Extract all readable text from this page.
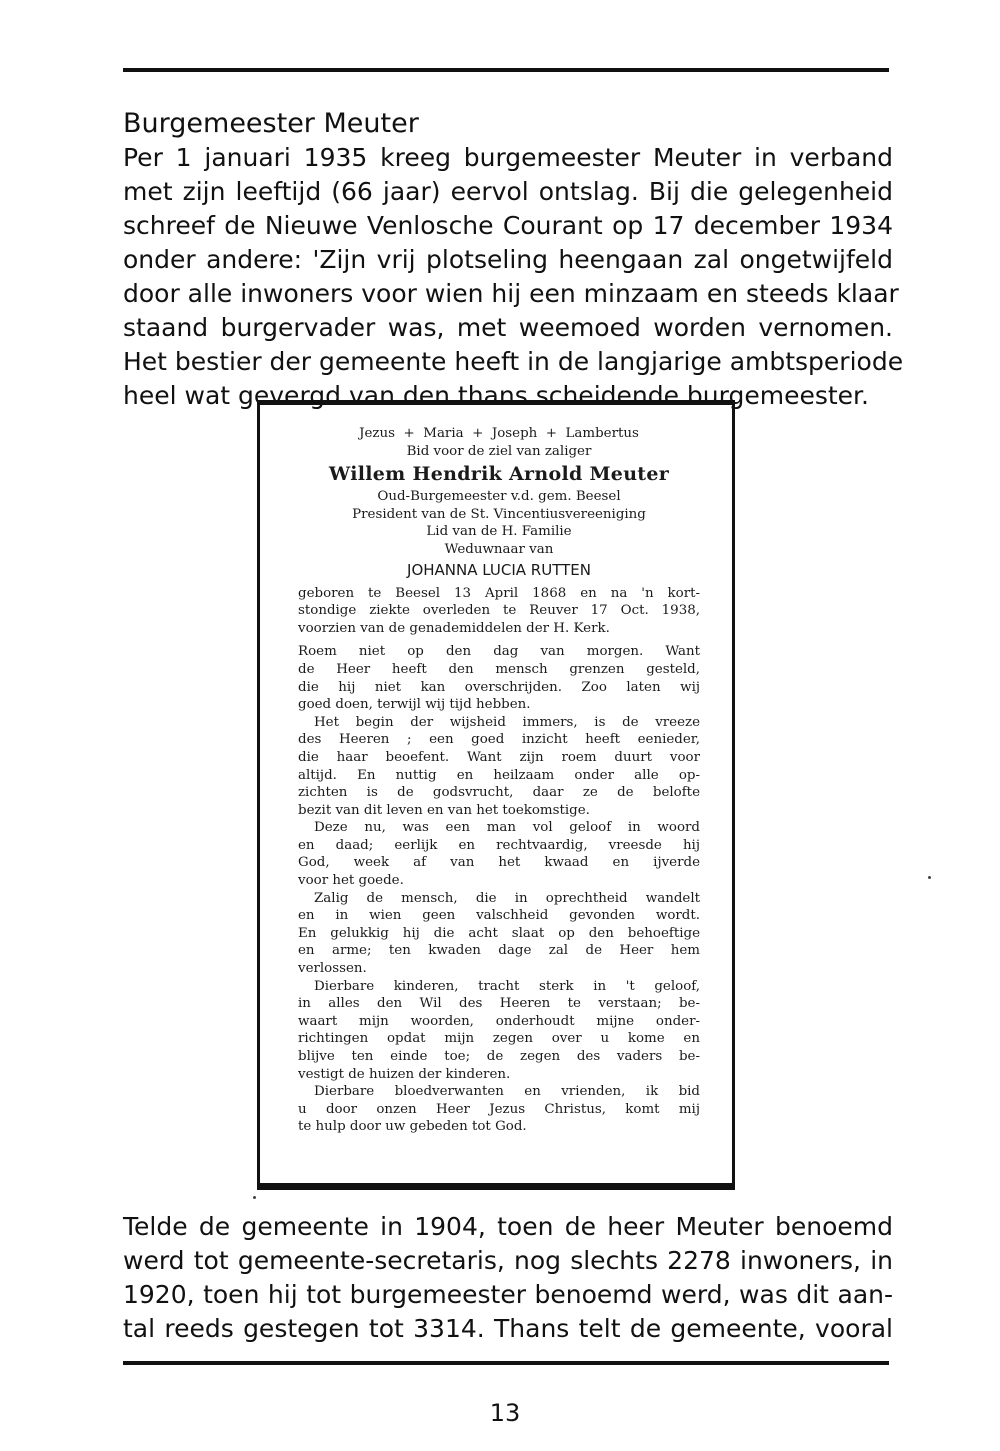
Burgemeester Meuter
Per 1 januari 1935 kreeg burgemeester Meuter in verband
met zijn leeftijd (66 jaar) eervol ontslag. Bij die gelegenheid
schreef de Nieuwe Venlosche Courant op 17 december 1934
onder andere: 'Zijn vrij plotseling heengaan zal ongetwijfeld
door alle inwoners voor wien hij een minzaam en steeds klaar
staand burgervader was, met weemoed worden vernomen.
Het bestier der gemeente heeft in de langjarige ambtsperiode
heel wat gevergd van den thans scheidende burgemeester.
Jezus  +  Maria  +  Joseph  +  Lambertus
Bid voor de ziel van zaliger
Willem Hendrik Arnold Meuter
Oud-Burgemeester v.d. gem. Beesel
President van de St. Vincentiusvereeniging
Lid van de H. Familie
Weduwnaar van
JOHANNA LUCIA RUTTEN
geboren te Beesel 13 April 1868 en na 'n kort-
stondige ziekte overleden te Reuver 17 Oct. 1938,
voorzien van de genademiddelen der H. Kerk.
Roem niet op den dag van morgen. Want
de Heer heeft den mensch grenzen gesteld,
die hij niet kan overschrijden. Zoo laten wij
goed doen, terwijl wij tijd hebben.
Het begin der wijsheid immers, is de vreeze
des Heeren ; een goed inzicht heeft eenieder,
die haar beoefent. Want zijn roem duurt voor
altijd. En nuttig en heilzaam onder alle op-
zichten is de godsvrucht, daar ze de belofte
bezit van dit leven en van het toekomstige.
Deze nu, was een man vol geloof in woord
en daad; eerlijk en rechtvaardig, vreesde hij
God, week af van het kwaad en ijverde
voor het goede.
Zalig de mensch, die in oprechtheid wandelt
en in wien geen valschheid gevonden wordt.
En gelukkig hij die acht slaat op den behoeftige
en arme; ten kwaden dage zal de Heer hem
verlossen.
Dierbare kinderen, tracht sterk in 't geloof,
in alles den Wil des Heeren te verstaan; be-
waart mijn woorden, onderhoudt mijne onder-
richtingen opdat mijn zegen over u kome en
blijve ten einde toe; de zegen des vaders be-
vestigt de huizen der kinderen.
Dierbare bloedverwanten en vrienden, ik bid
u door onzen Heer Jezus Christus, komt mij
te hulp door uw gebeden tot God.
Telde de gemeente in 1904, toen de heer Meuter benoemd
werd tot gemeente-secretaris, nog slechts 2278 inwoners, in
1920, toen hij tot burgemeester benoemd werd, was dit aan-
tal reeds gestegen tot 3314. Thans telt de gemeente, vooral
13
